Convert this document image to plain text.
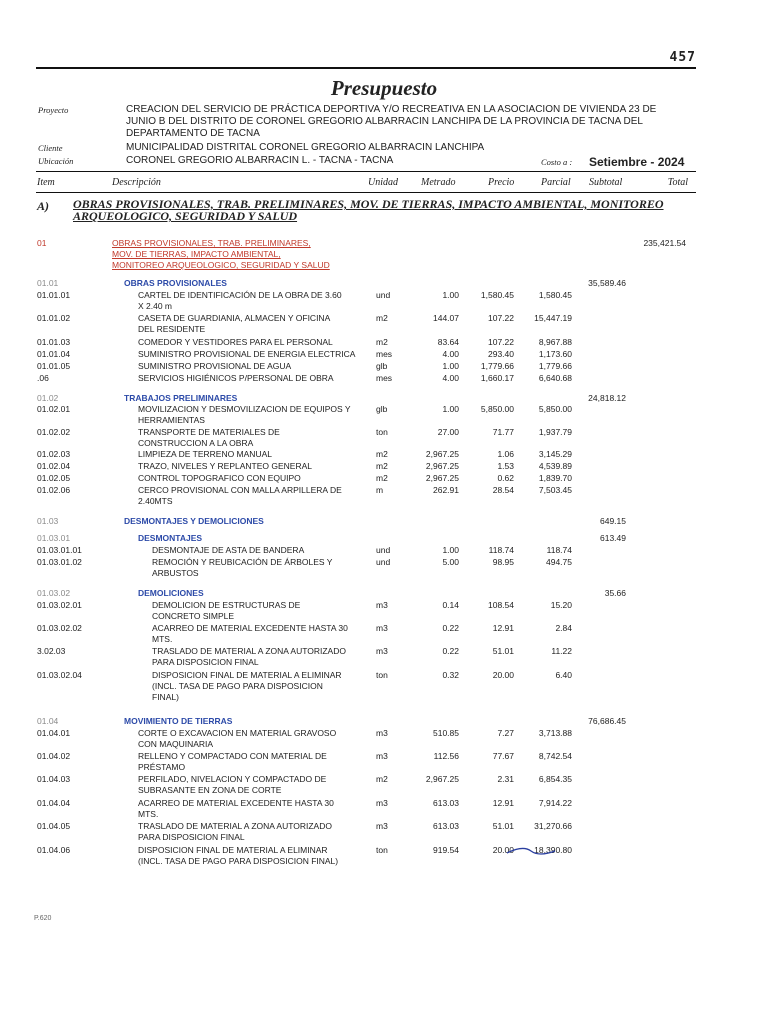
457
Presupuesto
Proyecto	CREACION DEL SERVICIO DE PRÁCTICA DEPORTIVA Y/O RECREATIVA EN LA ASOCIACION DE VIVIENDA 23 DE
JUNIO B DEL DISTRITO DE CORONEL GREGORIO ALBARRACIN LANCHIPA DE LA PROVINCIA DE TACNA DEL
DEPARTAMENTO DE TACNA
Cliente	MUNICIPALIDAD DISTRITAL CORONEL GREGORIO ALBARRACIN LANCHIPA
Ubicación	CORONEL GREGORIO ALBARRACIN L. - TACNA - TACNA	Costo a : Setiembre - 2024
Item	Descripción	Unidad Metrado	Precio	Parcial Subtotal	Total
A) OBRAS PROVISIONALES, TRAB. PRELIMINARES, MOV. DE TIERRAS, IMPACTO AMBIENTAL, MONITOREO
ARQUEOLOGICO, SEGURIDAD Y SALUD
01	OBRAS PROVISIONALES, TRAB. PRELIMINARES,
MOV. DE TIERRAS, IMPACTO AMBIENTAL,
MONITOREO ARQUEOLOGICO, SEGURIDAD Y SALUD
235,421.54
01.01	OBRAS PROVISIONALES	35,589.46
01.01.01	CARTEL DE IDENTIFICACIÓN DE LA OBRA DE 3.60
X 2.40 m
und	1.00	1,580.45	1,580.45
01.01.02	CASETA DE GUARDIANIA, ALMACEN Y OFICINA
DEL RESIDENTE
m2	144.07	107.22 15,447.19
01.01.03	COMEDOR Y VESTIDORES PARA EL PERSONAL	m2	83.64	107.22	8,967.88
01.01.04	SUMINISTRO PROVISIONAL DE ENERGIA ELECTRICA mes	4.00	293.40	1,173.60
01.01.05	SUMINISTRO PROVISIONAL DE AGUA	glb	1.00	1,779.66	1,779.66
.06	SERVICIOS HIGIÉNICOS P/PERSONAL DE OBRA	mes	4.00	1,660.17	6,640.68
01.02	TRABAJOS PRELIMINARES	24,818.12
01.02.01	MOVILIZACION Y DESMOVILIZACION DE EQUIPOS Y
HERRAMIENTAS
glb	1.00	5,850.00	5,850.00
01.02.02	TRANSPORTE DE MATERIALES DE
CONSTRUCCION A LA OBRA
ton	27.00	71.77	1,937.79
01.02.03	LIMPIEZA DE TERRENO MANUAL	m2	2,967.25	1.06	3,145.29
01.02.04	TRAZO, NIVELES Y REPLANTEO GENERAL	m2	2,967.25	1.53	4,539.89
01.02.05	CONTROL TOPOGRAFICO CON EQUIPO	m2	2,967.25	0.62	1,839.70
01.02.06	CERCO PROVISIONAL CON MALLA ARPILLERA DE
2.40MTS
m	262.91	28.54	7,503.45
01.03	DESMONTAJES Y DEMOLICIONES	649.15
01.03.01	DESMONTAJES	613.49
01.03.01.01	DESMONTAJE DE ASTA DE BANDERA	und	1.00	118.74	118.74
01.03.01.02	REMOCIÓN Y REUBICACIÓN DE ÁRBOLES Y
ARBUSTOS
und	5.00	98.95	494.75
01.03.02	DEMOLICIONES	35.66
01.03.02.01	DEMOLICION DE ESTRUCTURAS DE
CONCRETO SIMPLE
m3	0.14	108.54	15.20
01.03.02.02	ACARREO DE MATERIAL EXCEDENTE HASTA 30
MTS.
m3	0.22	12.91	2.84
3.02.03	TRASLADO DE MATERIAL A ZONA AUTORIZADO
PARA DISPOSICION FINAL
m3	0.22	51.01	11.22
01.03.02.04	DISPOSICION FINAL DE MATERIAL A ELIMINAR
(INCL. TASA DE PAGO PARA DISPOSICION
FINAL)
ton	0.32	20.00	6.40
01.04	MOVIMIENTO DE TIERRAS	76,686.45
01.04.01	CORTE O EXCAVACION EN MATERIAL GRAVOSO
CON MAQUINARIA
m3	510.85	7.27	3,713.88
01.04.02	RELLENO Y COMPACTADO CON MATERIAL DE
PRÉSTAMO
m3	112.56	77.67	8,742.54
01.04.03	PERFILADO, NIVELACION Y COMPACTADO DE
SUBRASANTE EN ZONA DE CORTE
m2	2,967.25	2.31	6,854.35
01.04.04	ACARREO DE MATERIAL EXCEDENTE HASTA 30
MTS.
m3	613.03	12.91	7,914.22
01.04.05	TRASLADO DE MATERIAL A ZONA AUTORIZADO
PARA DISPOSICION FINAL
m3	613.03	51.01 31,270.66
01.04.06	DISPOSICION FINAL DE MATERIAL A ELIMINAR
(INCL. TASA DE PAGO PARA DISPOSICION FINAL)
ton	919.54	20.00 18,390.80
P.620
